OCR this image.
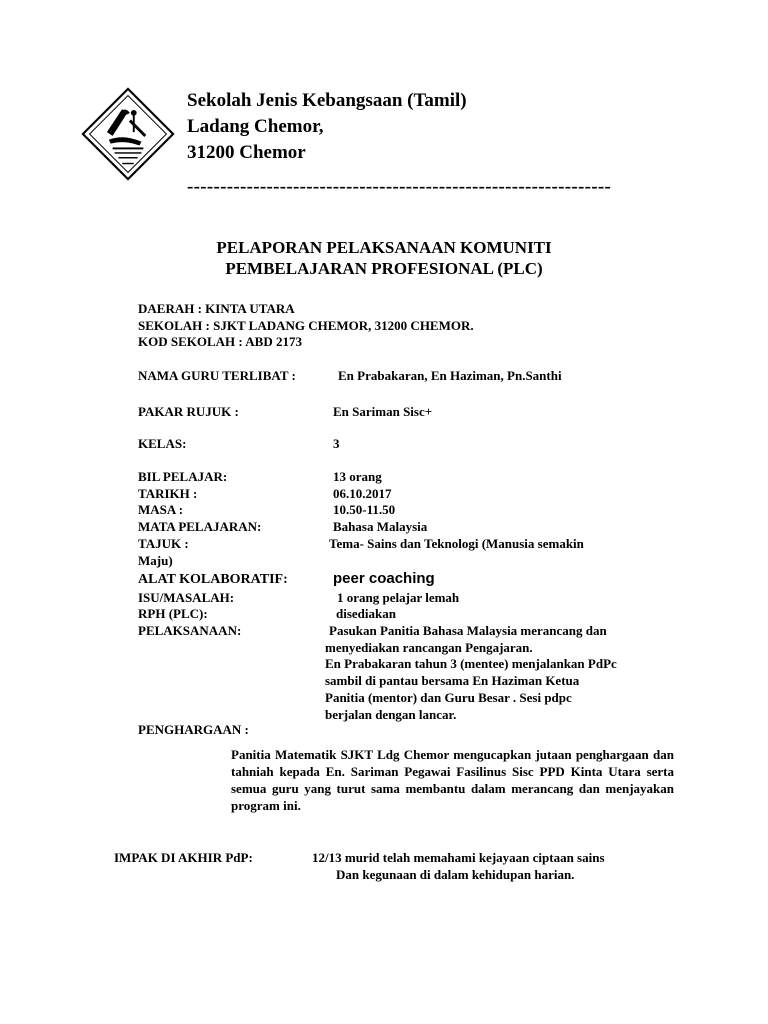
Sekolah Jenis Kebangsaan (Tamil)
Ladang Chemor,
31200 Chemor
----------------------------------------------------------------
PELAPORAN PELAKSANAAN KOMUNITI
PEMBELAJARAN PROFESIONAL (PLC)
DAERAH : KINTA UTARA
SEKOLAH : SJKT LADANG CHEMOR, 31200 CHEMOR.
KOD SEKOLAH : ABD 2173
NAMA GURU TERLIBAT :	En Prabakaran, En Haziman, Pn.Santhi
PAKAR RUJUK :	En Sariman Sisc+
KELAS:	3
BIL PELAJAR:	13 orang
TARIKH :	06.10.2017
MASA :	10.50-11.50
MATA PELAJARAN:	Bahasa Malaysia
TAJUK :	Tema- Sains dan Teknologi (Manusia semakin
Maju)
ALAT KOLABORATIF:	peer coaching
ISU/MASALAH:	1 orang pelajar lemah
RPH (PLC):	disediakan
PELAKSANAAN:	Pasukan Panitia Bahasa Malaysia merancang dan
menyediakan rancangan Pengajaran.
En Prabakaran tahun 3 (mentee) menjalankan PdPc
sambil di pantau bersama En Haziman Ketua
Panitia (mentor) dan Guru Besar . Sesi pdpc
berjalan dengan lancar.
PENGHARGAAN :
Panitia Matematik SJKT Ldg Chemor mengucapkan jutaan penghargaan dan tahniah kepada En. Sariman Pegawai Fasilinus Sisc PPD Kinta Utara serta semua guru yang turut sama membantu dalam merancang dan menjayakan program ini.
IMPAK DI AKHIR PdP:	12/13 murid telah memahami kejayaan ciptaan sains
Dan kegunaan di dalam kehidupan harian.
